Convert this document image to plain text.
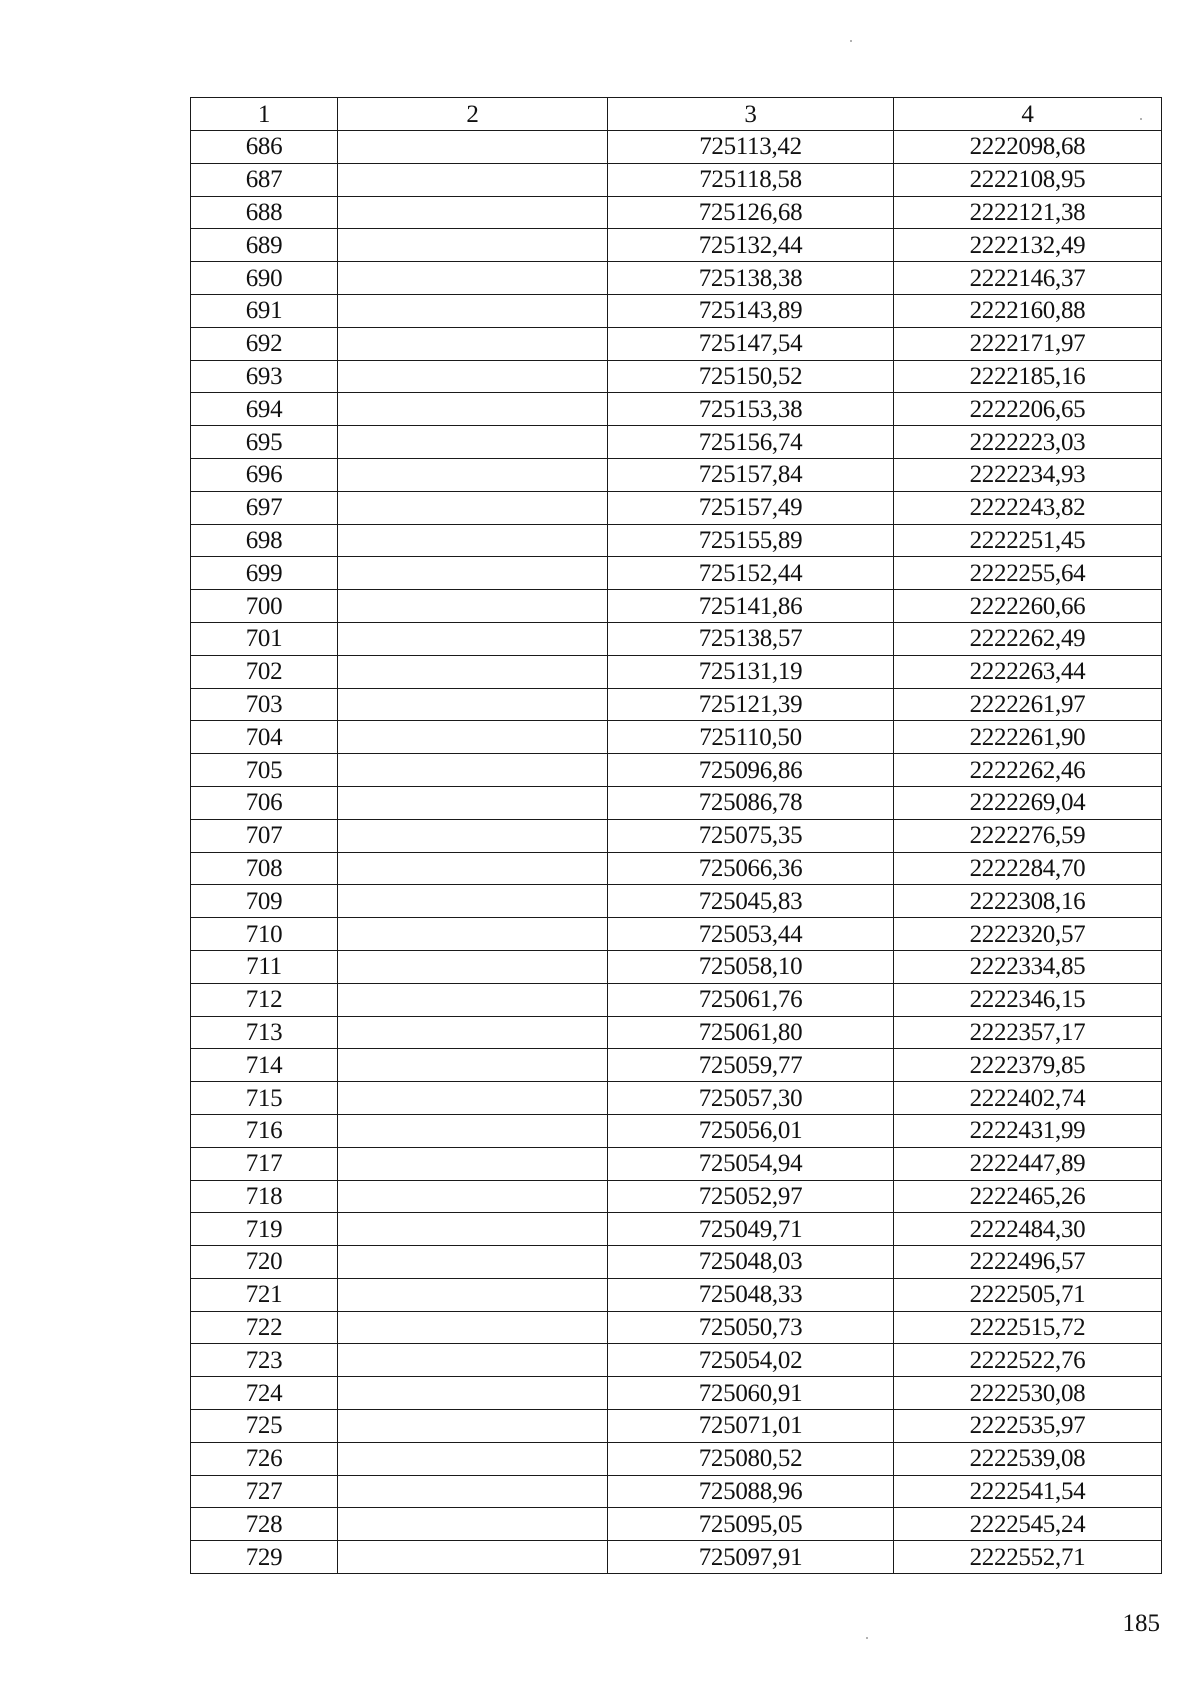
1	2	3	4
686		725113,42	2222098,68
687		725118,58	2222108,95
688		725126,68	2222121,38
689		725132,44	2222132,49
690		725138,38	2222146,37
691		725143,89	2222160,88
692		725147,54	2222171,97
693		725150,52	2222185,16
694		725153,38	2222206,65
695		725156,74	2222223,03
696		725157,84	2222234,93
697		725157,49	2222243,82
698		725155,89	2222251,45
699		725152,44	2222255,64
700		725141,86	2222260,66
701		725138,57	2222262,49
702		725131,19	2222263,44
703		725121,39	2222261,97
704		725110,50	2222261,90
705		725096,86	2222262,46
706		725086,78	2222269,04
707		725075,35	2222276,59
708		725066,36	2222284,70
709		725045,83	2222308,16
710		725053,44	2222320,57
711		725058,10	2222334,85
712		725061,76	2222346,15
713		725061,80	2222357,17
714		725059,77	2222379,85
715		725057,30	2222402,74
716		725056,01	2222431,99
717		725054,94	2222447,89
718		725052,97	2222465,26
719		725049,71	2222484,30
720		725048,03	2222496,57
721		725048,33	2222505,71
722		725050,73	2222515,72
723		725054,02	2222522,76
724		725060,91	2222530,08
725		725071,01	2222535,97
726		725080,52	2222539,08
727		725088,96	2222541,54
728		725095,05	2222545,24
729		725097,91	2222552,71
185
